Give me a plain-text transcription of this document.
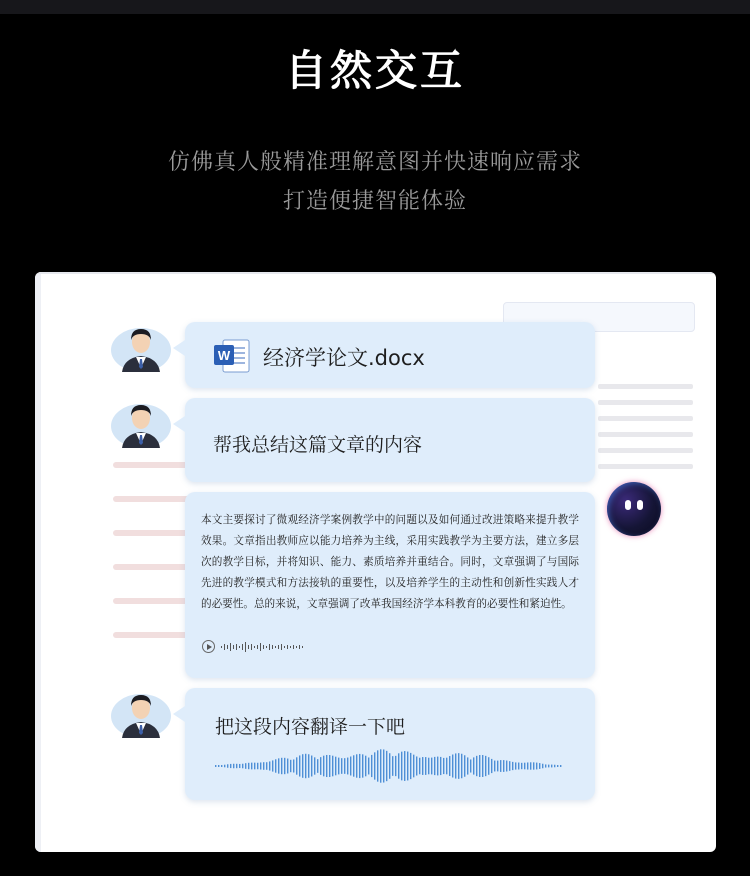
自然交互
仿佛真人般精准理解意图并快速响应需求
打造便捷智能体验
W 经济学论文.docx
帮我总结这篇文章的内容
本文主要探讨了微观经济学案例教学中的问题以及如何通过改进策略来提升教学效果。文章指出教师应以能力培养为主线，采用实践教学为主要方法，建立多层次的教学目标，并将知识、能力、素质培养并重结合。同时，文章强调了与国际先进的教学模式和方法接轨的重要性，以及培养学生的主动性和创新性实践人才的必要性。总的来说，文章强调了改革我国经济学本科教育的必要性和紧迫性。
把这段内容翻译一下吧
